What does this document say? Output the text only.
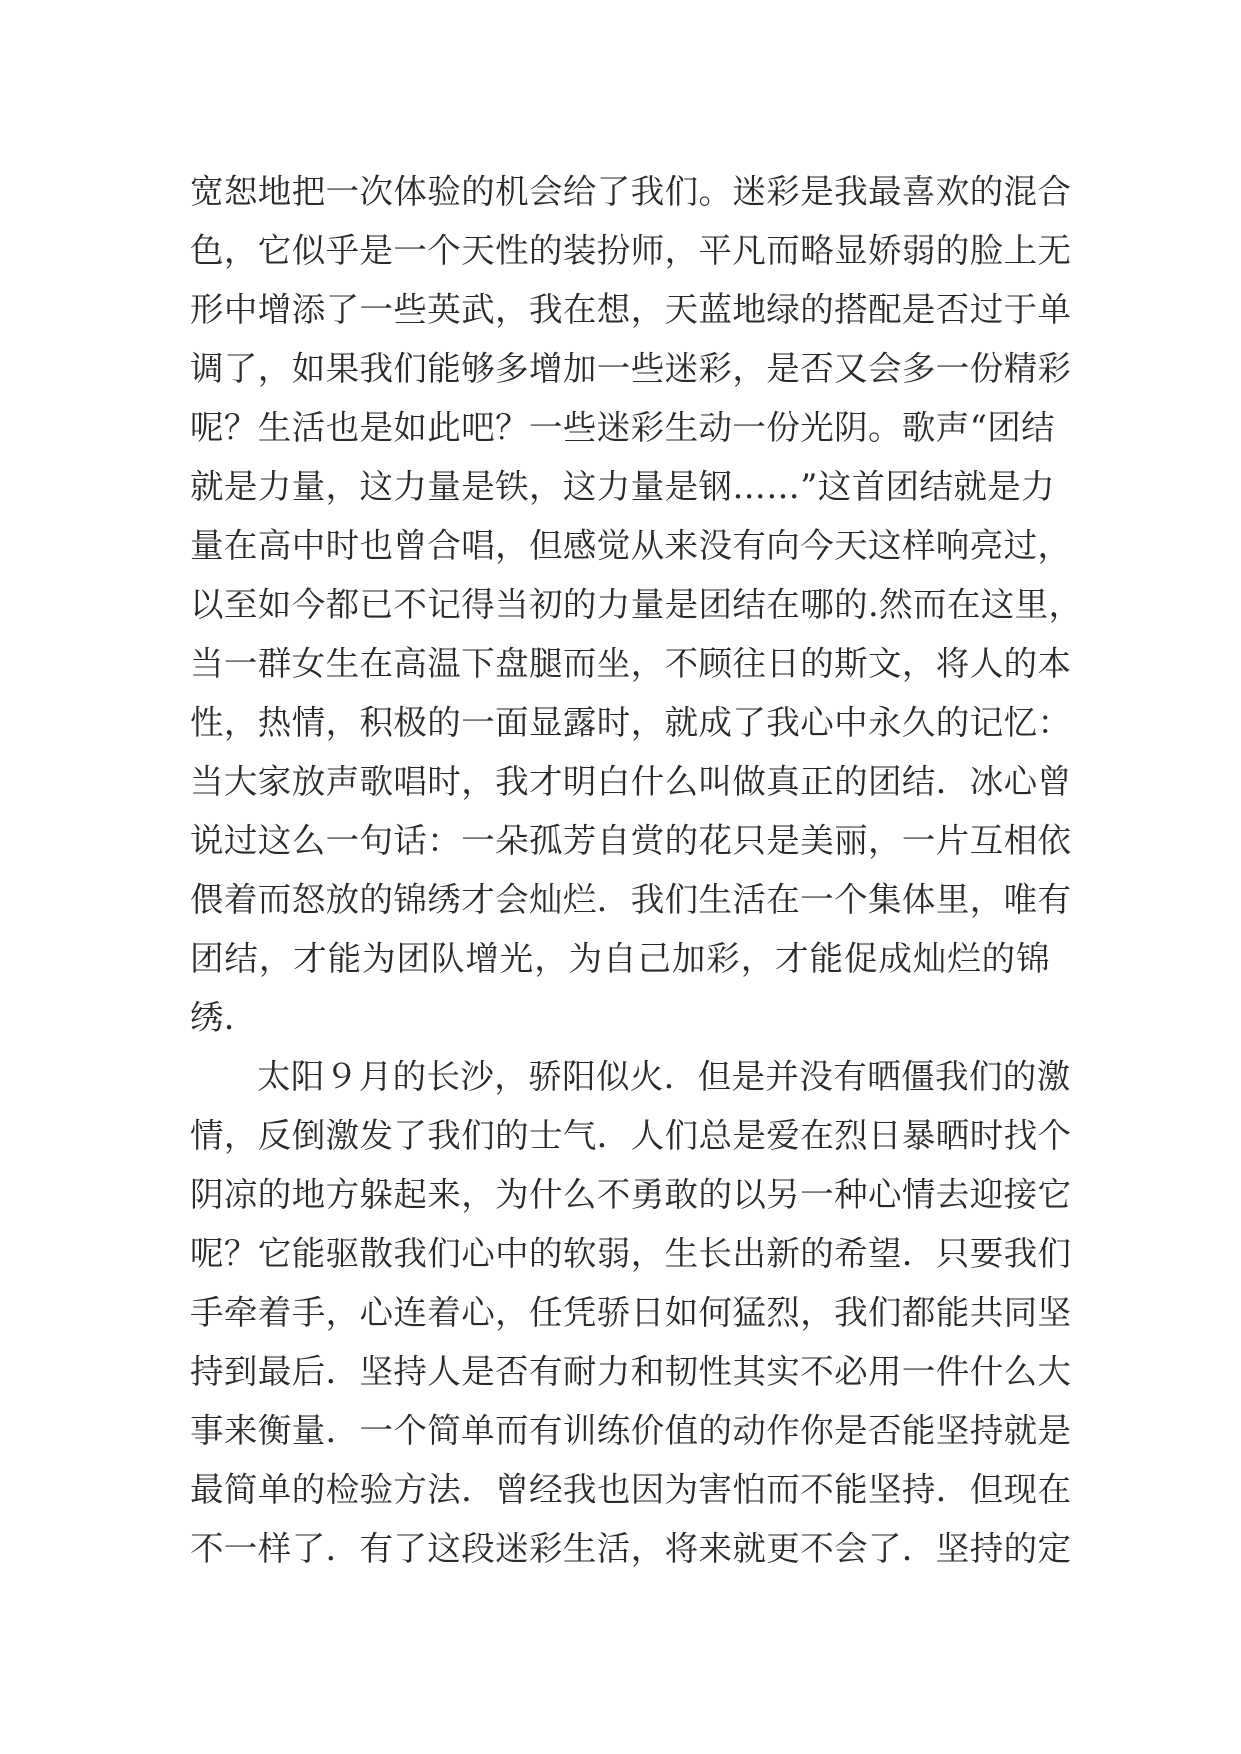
宽恕地把一次体验的机会给了我们。迷彩是我最喜欢的混合
色，它似乎是一个天性的装扮师，平凡而略显娇弱的脸上无
形中增添了一些英武，我在想，天蓝地绿的搭配是否过于单
调了，如果我们能够多增加一些迷彩，是否又会多一份精彩
呢？生活也是如此吧？一些迷彩生动一份光阴。歌声“团结
就是力量，这力量是铁，这力量是钢……”这首团结就是力
量在高中时也曾合唱，但感觉从来没有向今天这样响亮过，
以至如今都已不记得当初的力量是团结在哪的.然而在这里，
当一群女生在高温下盘腿而坐，不顾往日的斯文，将人的本
性，热情，积极的一面显露时，就成了我心中永久的记忆：
当大家放声歌唱时，我才明白什么叫做真正的团结．冰心曾
说过这么一句话：一朵孤芳自赏的花只是美丽，一片互相依
偎着而怒放的锦绣才会灿烂．我们生活在一个集体里，唯有
团结，才能为团队增光，为自己加彩，才能促成灿烂的锦
绣．
太阳９月的长沙，骄阳似火．但是并没有晒僵我们的激
情，反倒激发了我们的士气．人们总是爱在烈日暴晒时找个
阴凉的地方躲起来，为什么不勇敢的以另一种心情去迎接它
呢？它能驱散我们心中的软弱，生长出新的希望．只要我们
手牵着手，心连着心，任凭骄日如何猛烈，我们都能共同坚
持到最后．坚持人是否有耐力和韧性其实不必用一件什么大
事来衡量．一个简单而有训练价值的动作你是否能坚持就是
最简单的检验方法．曾经我也因为害怕而不能坚持．但现在
不一样了．有了这段迷彩生活，将来就更不会了．坚持的定
